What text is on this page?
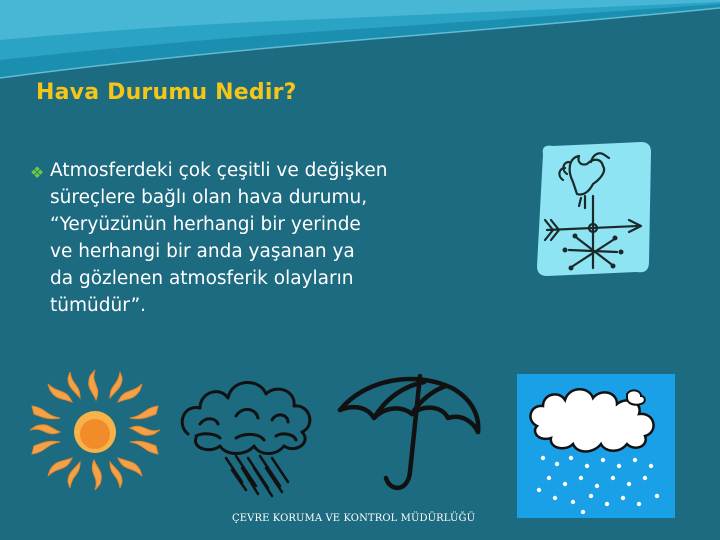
Hava Durumu Nedir?
❖ Atmosferdeki çok çeşitli ve değişken
süreçlere bağlı olan hava durumu,
“Yeryüzünün herhangi bir yerinde
ve herhangi bir anda yaşanan ya
da gözlenen atmosferik olayların
tümüdür”.
ÇEVRE KORUMA VE KONTROL MÜDÜRLÜĞÜ
